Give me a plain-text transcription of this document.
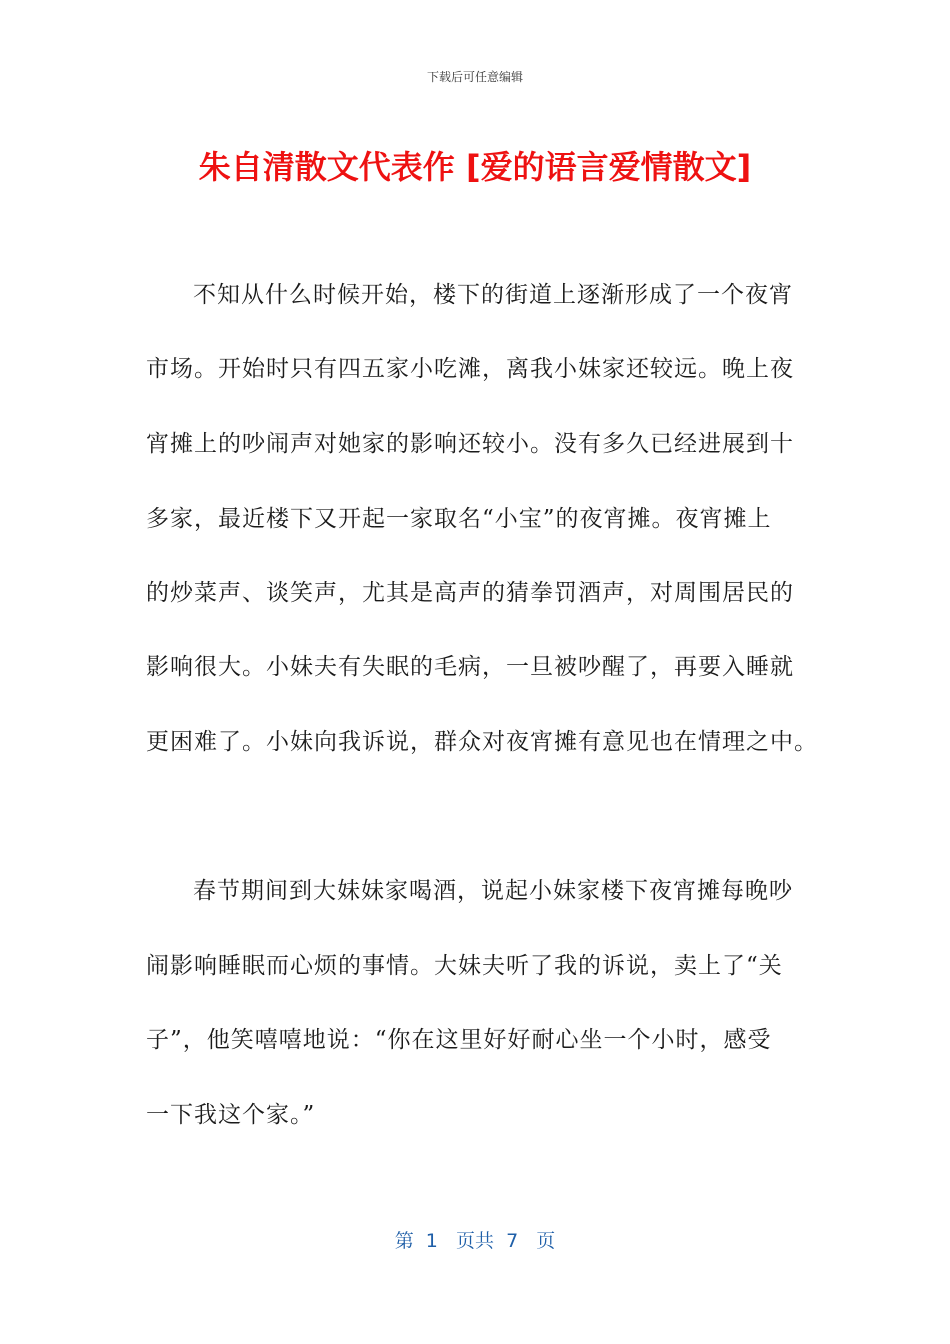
下载后可任意编辑
朱自清散文代表作 [爱的语言爱情散文]
不知从什么时候开始，楼下的街道上逐渐形成了一个夜宵
市场。开始时只有四五家小吃滩，离我小妹家还较远。晚上夜
宵摊上的吵闹声对她家的影响还较小。没有多久已经进展到十
多家，最近楼下又开起一家取名“小宝”的夜宵摊。夜宵摊上
的炒菜声、谈笑声，尤其是高声的猜拳罚酒声，对周围居民的
影响很大。小妹夫有失眠的毛病，一旦被吵醒了，再要入睡就
更困难了。小妹向我诉说，群众对夜宵摊有意见也在情理之中。
春节期间到大妹妹家喝酒，说起小妹家楼下夜宵摊每晚吵
闹影响睡眠而心烦的事情。大妹夫听了我的诉说，卖上了“关
子”，他笑嘻嘻地说：“你在这里好好耐心坐一个小时，感受
一下我这个家。”
第  1   页共  7   页
